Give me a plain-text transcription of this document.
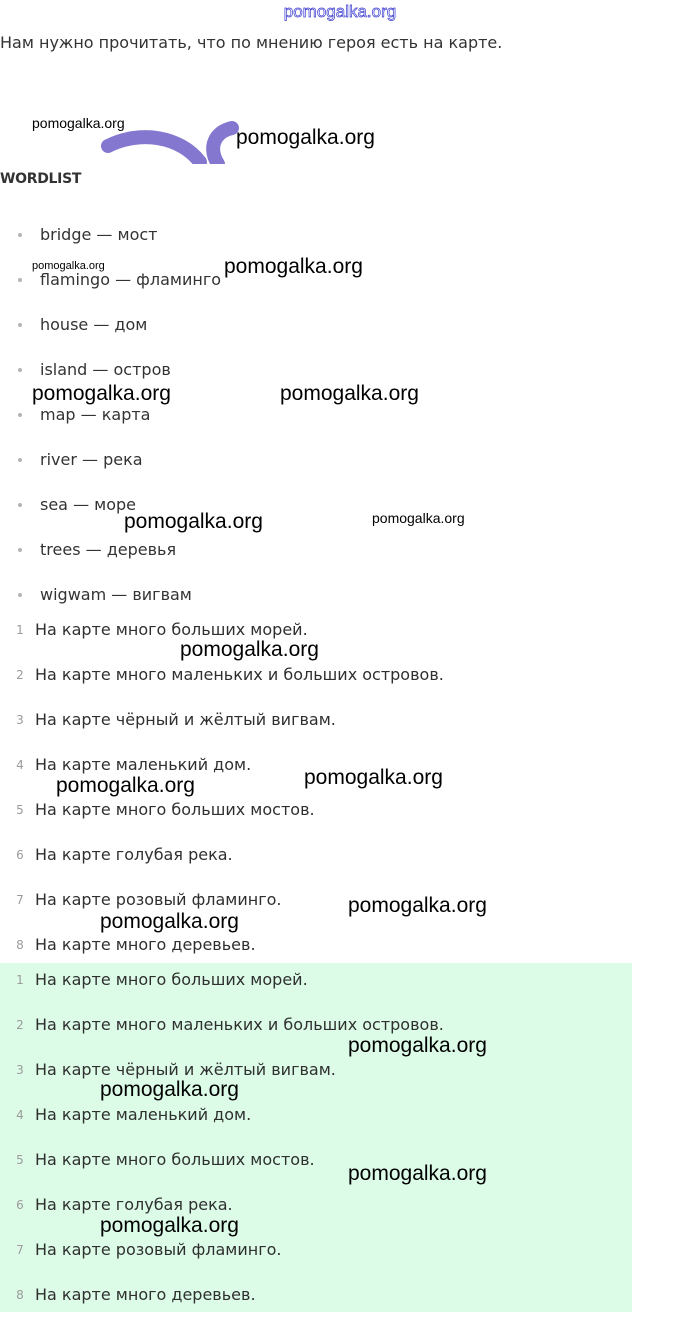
pomogalka.org
Нам нужно прочитать, что по мнению героя есть на карте.
WORDLIST
bridge — мост
flamingo — фламинго
house — дом
island — остров
map — карта
river — река
sea — море
trees — деревья
wigwam — вигвам
1 На карте много больших морей.
2 На карте много маленьких и больших островов.
3 На карте чёрный и жёлтый вигвам.
4 На карте маленький дом.
5 На карте много больших мостов.
6 На карте голубая река.
7 На карте розовый фламинго.
8 На карте много деревьев.
1 На карте много больших морей.
2 На карте много маленьких и больших островов.
3 На карте чёрный и жёлтый вигвам.
4 На карте маленький дом.
5 На карте много больших мостов.
6 На карте голубая река.
7 На карте розовый фламинго.
8 На карте много деревьев.
pomogalka.org
pomogalka.org
pomogalka.org	pomogalka.org
pomogalka.org	pomogalka.org
pomogalka.org	pomogalka.org
pomogalka.org
pomogalka.org
pomogalka.org
pomogalka.org
pomogalka.org
pomogalka.org
pomogalka.org
pomogalka.org
pomogalka.org
